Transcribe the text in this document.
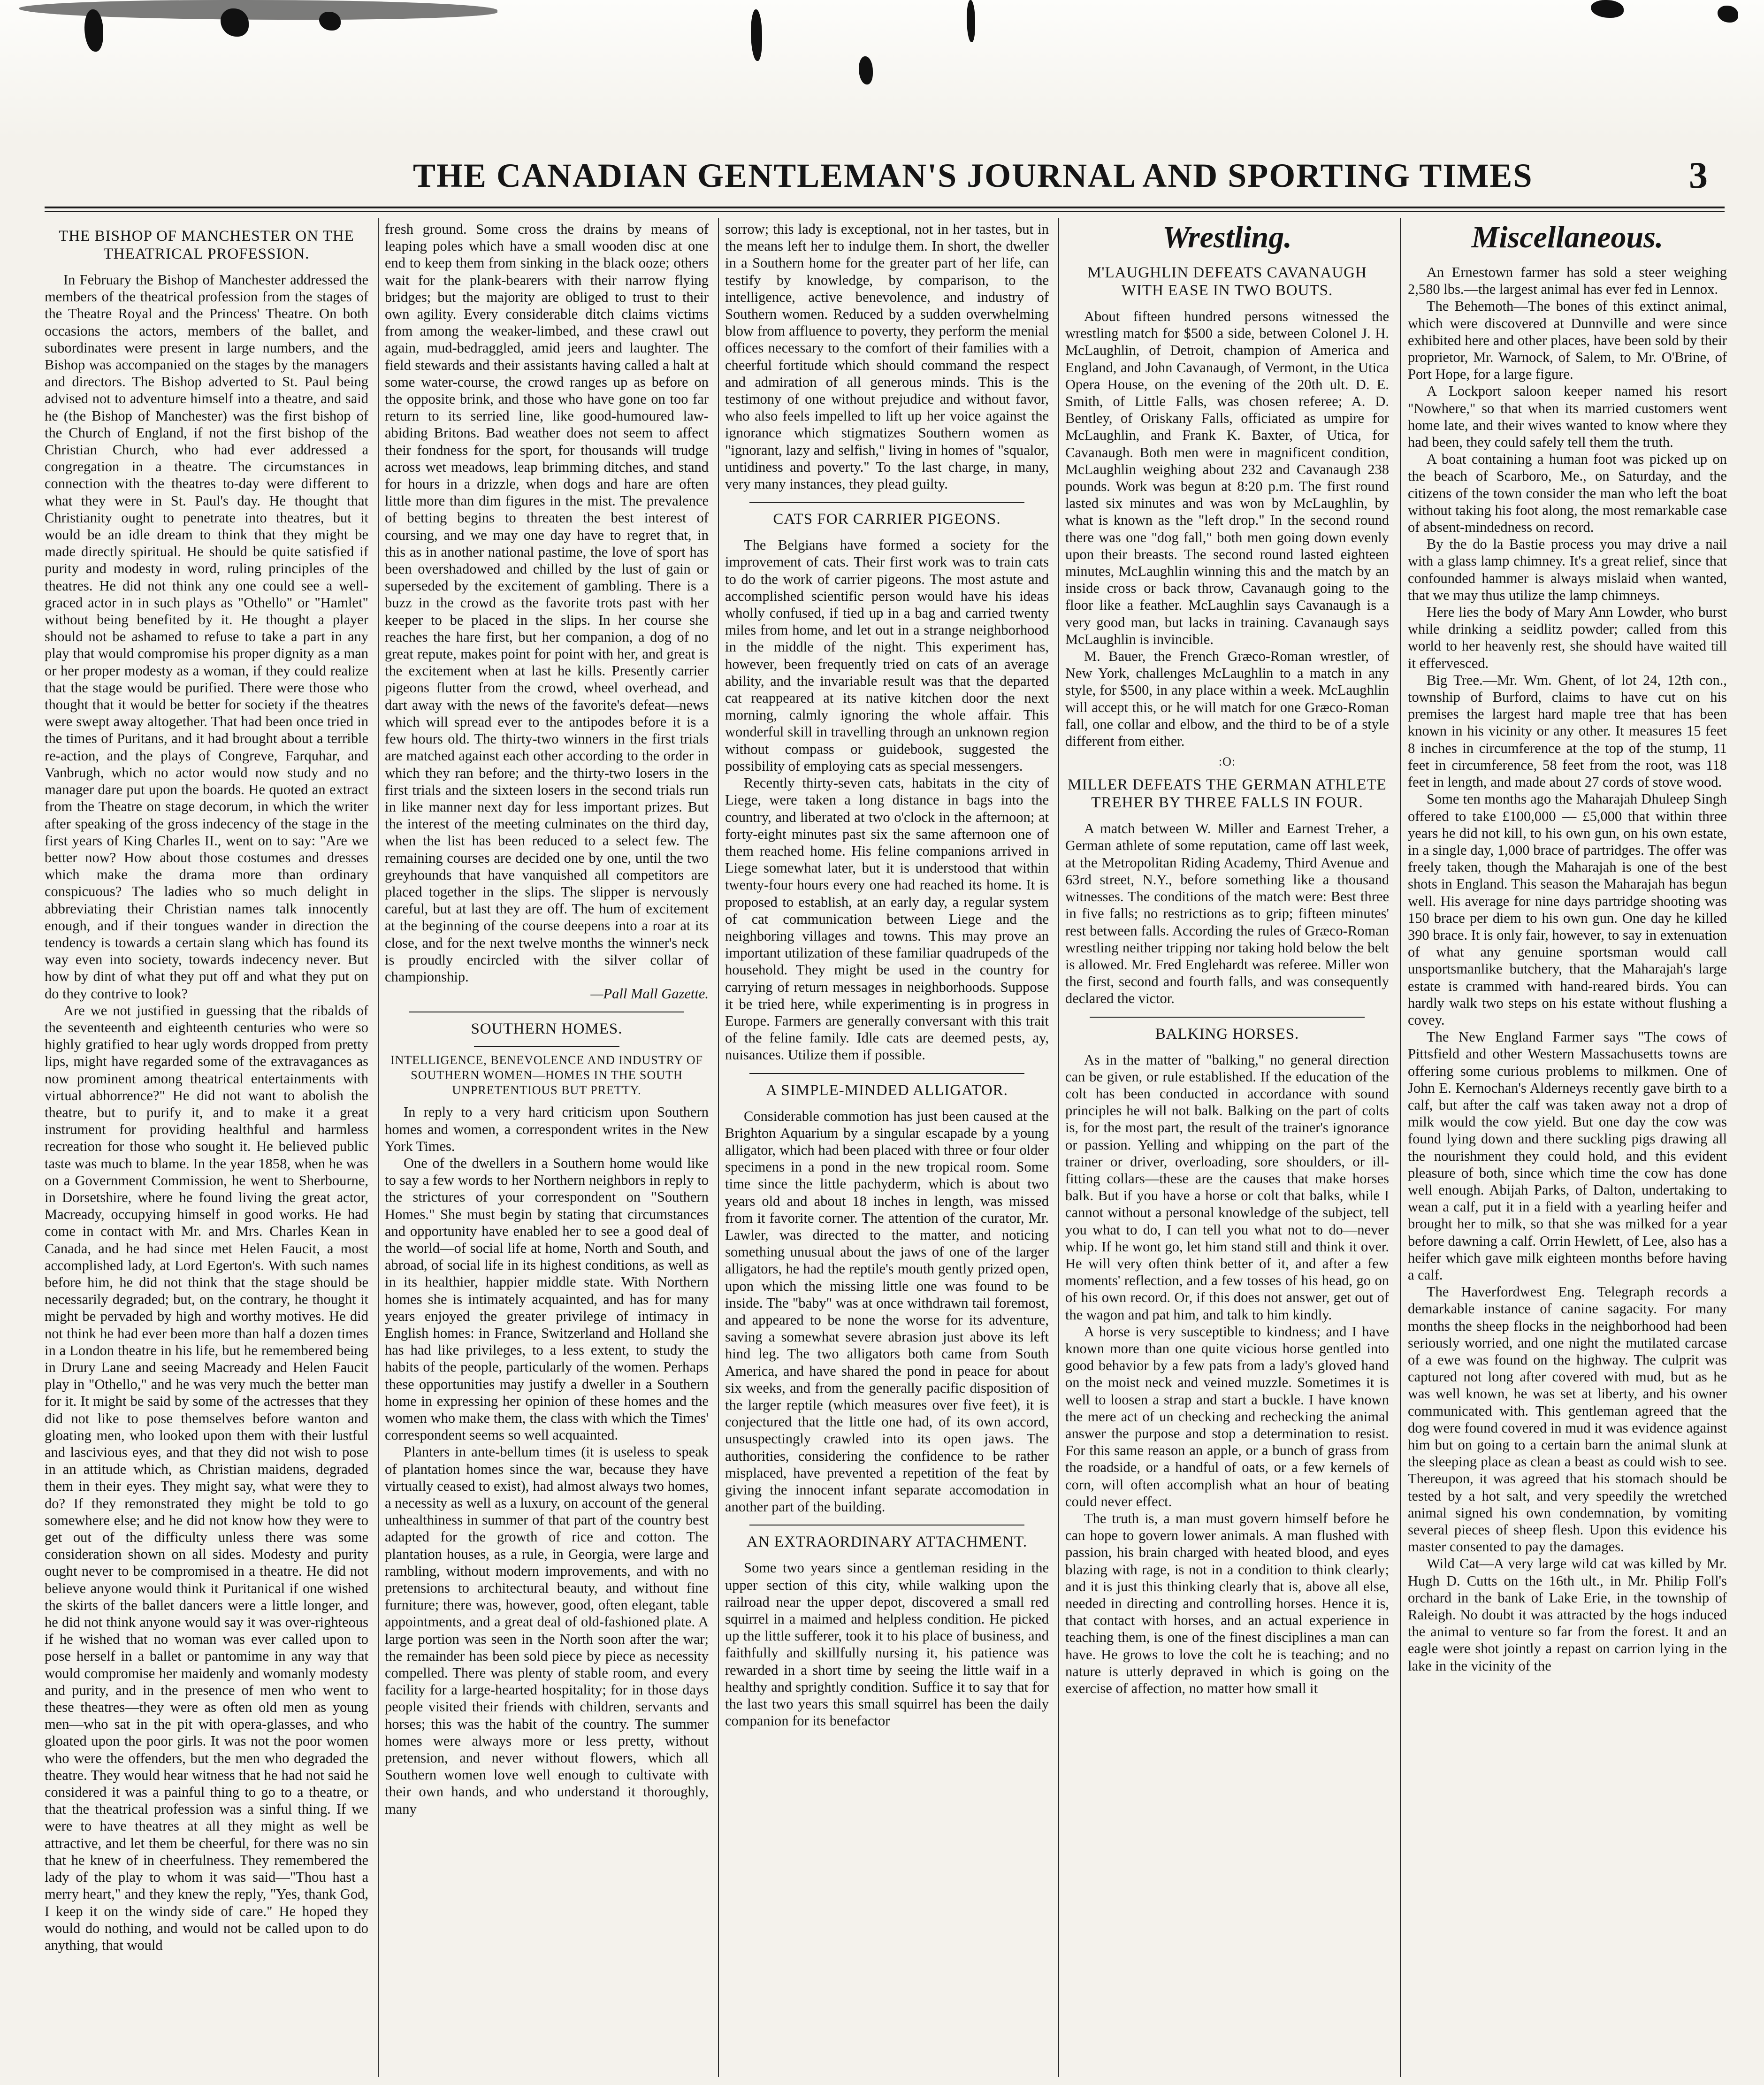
THE CANADIAN GENTLEMAN'S JOURNAL AND SPORTING TIMES	3
THE BISHOP OF MANCHESTER ON THE THEATRICAL PROFESSION.

In February the Bishop of Manchester addressed the members of the theatrical profession from the stages of the Theatre Royal and the Princess' Theatre. On both occasions the actors, members of the ballet, and subordinates were present in large numbers, and the Bishop was accompanied on the stages by the managers and directors. The Bishop adverted to St. Paul being advised not to adventure himself into a theatre, and said he (the Bishop of Manchester) was the first bishop of the Church of England, if not the first bishop of the Christian Church, who had ever addressed a congregation in a theatre. The circumstances in connection with the theatres to-day were different to what they were in St. Paul's day. He thought that Christianity ought to penetrate into theatres, but it would be an idle dream to think that they might be made directly spiritual. He should be quite satisfied if purity and modesty in word, ruling principles of the theatres. He did not think any one could see a well-graced actor in in such plays as "Othello" or "Hamlet" without being benefited by it. He thought a player should not be ashamed to refuse to take a part in any play that would compromise his proper dignity as a man or her proper modesty as a woman, if they could realize that the stage would be purified. There were those who thought that it would be better for society if the theatres were swept away altogether. That had been once tried in the times of Puritans, and it had brought about a terrible re-action, and the plays of Congreve, Farquhar, and Vanbrugh, which no actor would now study and no manager dare put upon the boards. He quoted an extract from the Theatre on stage decorum, in which the writer after speaking of the gross indecency of the stage in the first years of King Charles II., went on to say: "Are we better now? How about those costumes and dresses which make the drama more than ordinary conspicuous? The ladies who so much delight in abbreviating their Christian names talk innocently enough, and if their tongues wander in direction the tendency is towards a certain slang which has found its way even into society, towards indecency never. But how by dint of what they put off and what they put on do they contrive to look?

Are we not justified in guessing that the ribalds of the seventeenth and eighteenth centuries who were so highly gratified to hear ugly words dropped from pretty lips, might have regarded some of the extravagances as now prominent among theatrical entertainments with virtual abhorrence?" He did not want to abolish the theatre, but to purify it, and to make it a great instrument for providing healthful and harmless recreation for those who sought it. He believed public taste was much to blame. In the year 1858, when he was on a Government Commission, he went to Sherbourne, in Dorsetshire, where he found living the great actor, Macready, occupying himself in good works. He had come in contact with Mr. and Mrs. Charles Kean in Canada, and he had since met Helen Faucit, a most accomplished lady, at Lord Egerton's. With such names before him, he did not think that the stage should be necessarily degraded; but, on the contrary, he thought it might be pervaded by high and worthy motives. He did not think he had ever been more than half a dozen times in a London theatre in his life, but he remembered being in Drury Lane and seeing Macready and Helen Faucit play in "Othello," and he was very much the better man for it. It might be said by some of the actresses that they did not like to pose themselves before wanton and gloating men, who looked upon them with their lustful and lascivious eyes, and that they did not wish to pose in an attitude which, as Christian maidens, degraded them in their eyes. They might say, what were they to do? If they remonstrated they might be told to go somewhere else; and he did not know how they were to get out of the difficulty unless there was some consideration shown on all sides. Modesty and purity ought never to be compromised in a theatre. He did not believe anyone would think it Puritanical if one wished the skirts of the ballet dancers were a little longer, and he did not think anyone would say it was over-righteous if he wished that no woman was ever called upon to pose herself in a ballet or pantomime in any way that would compromise her maidenly and womanly modesty and purity, and in the presence of men who went to these theatres—they were as often old men as young men—who sat in the pit with opera-glasses, and who gloated upon the poor girls. It was not the poor women who were the offenders, but the men who degraded the theatre. They would hear witness that he had not said he considered it was a painful thing to go to a theatre, or that the theatrical profession was a sinful thing. If we were to have theatres at all they might as well be attractive, and let them be cheerful, for there was no sin that he knew of in cheerfulness. They remembered the lady of the play to whom it was said—"Thou hast a merry heart," and they knew the reply, "Yes, thank God, I keep it on the windy side of care." He hoped they would do nothing, and would not be called upon to do anything, that would

fresh ground. Some cross the drains by means of leaping poles which have a small wooden disc at one end to keep them from sinking in the black ooze; others wait for the plank-bearers with their narrow flying bridges; but the majority are obliged to trust to their own agility. Every considerable ditch claims victims from among the weaker-limbed, and these crawl out again, mud-bedraggled, amid jeers and laughter. The field stewards and their assistants having called a halt at some water-course, the crowd ranges up as before on the opposite brink, and those who have gone on too far return to its serried line, like good-humoured law-abiding Britons. Bad weather does not seem to affect their fondness for the sport, for thousands will trudge across wet meadows, leap brimming ditches, and stand for hours in a drizzle, when dogs and hare are often little more than dim figures in the mist. The prevalence of betting begins to threaten the best interest of coursing, and we may one day have to regret that, in this as in another national pastime, the love of sport has been overshadowed and chilled by the lust of gain or superseded by the excitement of gambling. There is a buzz in the crowd as the favorite trots past with her keeper to be placed in the slips. In her course she reaches the hare first, but her companion, a dog of no great repute, makes point for point with her, and great is the excitement when at last he kills. Presently carrier pigeons flutter from the crowd, wheel overhead, and dart away with the news of the favorite's defeat—news which will spread ever to the antipodes before it is a few hours old. The thirty-two winners in the first trials are matched against each other according to the order in which they ran before; and the thirty-two losers in the first trials and the sixteen losers in the second trials run in like manner next day for less important prizes. But the interest of the meeting culminates on the third day, when the list has been reduced to a select few. The remaining courses are decided one by one, until the two greyhounds that have vanquished all competitors are placed together in the slips. The slipper is nervously careful, but at last they are off. The hum of excitement at the beginning of the course deepens into a roar at its close, and for the next twelve months the winner's neck is proudly encircled with the silver collar of championship.

—Pall Mall Gazette.

SOUTHERN HOMES.
INTELLIGENCE, BENEVOLENCE AND INDUSTRY OF SOUTHERN WOMEN—HOMES IN THE SOUTH UNPRETENTIOUS BUT PRETTY.

In reply to a very hard criticism upon Southern homes and women, a correspondent writes in the New York Times.

One of the dwellers in a Southern home would like to say a few words to her Northern neighbors in reply to the strictures of your correspondent on "Southern Homes." She must begin by stating that circumstances and opportunity have enabled her to see a good deal of the world—of social life at home, North and South, and abroad, of social life in its highest conditions, as well as in its healthier, happier middle state. With Northern homes she is intimately acquainted, and has for many years enjoyed the greater privilege of intimacy in English homes: in France, Switzerland and Holland she has had like privileges, to a less extent, to study the habits of the people, particularly of the women. Perhaps these opportunities may justify a dweller in a Southern home in expressing her opinion of these homes and the women who make them, the class with which the Times' correspondent seems so well acquainted.

Planters in ante-bellum times (it is useless to speak of plantation homes since the war, because they have virtually ceased to exist), had almost always two homes, a necessity as well as a luxury, on account of the general unhealthiness in summer of that part of the country best adapted for the growth of rice and cotton. The plantation houses, as a rule, in Georgia, were large and rambling, without modern improvements, and with no pretensions to architectural beauty, and without fine furniture; there was, however, good, often elegant, table appointments, and a great deal of old-fashioned plate. A large portion was seen in the North soon after the war; the remainder has been sold piece by piece as necessity compelled. There was plenty of stable room, and every facility for a large-hearted hospitality; for in those days people visited their friends with children, servants and horses; this was the habit of the country. The summer homes were always more or less pretty, without pretension, and never without flowers, which all Southern women love well enough to cultivate with their own hands, and who understand it thoroughly, many

sorrow; this lady is exceptional, not in her tastes, but in the means left her to indulge them. In short, the dweller in a Southern home for the greater part of her life, can testify by knowledge, by comparison, to the intelligence, active benevolence, and industry of Southern women. Reduced by a sudden overwhelming blow from affluence to poverty, they perform the menial offices necessary to the comfort of their families with a cheerful fortitude which should command the respect and admiration of all generous minds. This is the testimony of one without prejudice and without favor, who also feels impelled to lift up her voice against the ignorance which stigmatizes Southern women as "ignorant, lazy and selfish," living in homes of "squalor, untidiness and poverty." To the last charge, in many, very many instances, they plead guilty.

CATS FOR CARRIER PIGEONS.

The Belgians have formed a society for the improvement of cats. Their first work was to train cats to do the work of carrier pigeons. The most astute and accomplished scientific person would have his ideas wholly confused, if tied up in a bag and carried twenty miles from home, and let out in a strange neighborhood in the middle of the night. This experiment has, however, been frequently tried on cats of an average ability, and the invariable result was that the departed cat reappeared at its native kitchen door the next morning, calmly ignoring the whole affair. This wonderful skill in travelling through an unknown region without compass or guidebook, suggested the possibility of employing cats as special messengers.

Recently thirty-seven cats, habitats in the city of Liege, were taken a long distance in bags into the country, and liberated at two o'clock in the afternoon; at forty-eight minutes past six the same afternoon one of them reached home. His feline companions arrived in Liege somewhat later, but it is understood that within twenty-four hours every one had reached its home. It is proposed to establish, at an early day, a regular system of cat communication between Liege and the neighboring villages and towns. This may prove an important utilization of these familiar quadrupeds of the household. They might be used in the country for carrying of return messages in neighborhoods. Suppose it be tried here, while experimenting is in progress in Europe. Farmers are generally conversant with this trait of the feline family. Idle cats are deemed pests, ay, nuisances. Utilize them if possible.

A SIMPLE-MINDED ALLIGATOR.

Considerable commotion has just been caused at the Brighton Aquarium by a singular escapade by a young alligator, which had been placed with three or four older specimens in a pond in the new tropical room. Some time since the little pachyderm, which is about two years old and about 18 inches in length, was missed from it favorite corner. The attention of the curator, Mr. Lawler, was directed to the matter, and noticing something unusual about the jaws of one of the larger alligators, he had the reptile's mouth gently prized open, upon which the missing little one was found to be inside. The "baby" was at once withdrawn tail foremost, and appeared to be none the worse for its adventure, saving a somewhat severe abrasion just above its left hind leg. The two alligators both came from South America, and have shared the pond in peace for about six weeks, and from the generally pacific disposition of the larger reptile (which measures over five feet), it is conjectured that the little one had, of its own accord, unsuspectingly crawled into its open jaws. The authorities, considering the confidence to be rather misplaced, have prevented a repetition of the feat by giving the innocent infant separate accomodation in another part of the building.

AN EXTRAORDINARY ATTACHMENT.

Some two years since a gentleman residing in the upper section of this city, while walking upon the railroad near the upper depot, discovered a small red squirrel in a maimed and helpless condition. He picked up the little sufferer, took it to his place of business, and faithfully and skillfully nursing it, his patience was rewarded in a short time by seeing the little waif in a healthy and sprightly condition. Suffice it to say that for the last two years this small squirrel has been the daily companion for its benefactor

Wrestling.
M'LAUGHLIN DEFEATS CAVANAUGH WITH EASE IN TWO BOUTS.

About fifteen hundred persons witnessed the wrestling match for $500 a side, between Colonel J. H. McLaughlin, of Detroit, champion of America and England, and John Cavanaugh, of Vermont, in the Utica Opera House, on the evening of the 20th ult. D. E. Smith, of Little Falls, was chosen referee; A. D. Bentley, of Oriskany Falls, officiated as umpire for McLaughlin, and Frank K. Baxter, of Utica, for Cavanaugh. Both men were in magnificent condition, McLaughlin weighing about 232 and Cavanaugh 238 pounds. Work was begun at 8:20 p.m. The first round lasted six minutes and was won by McLaughlin, by what is known as the "left drop." In the second round there was one "dog fall," both men going down evenly upon their breasts. The second round lasted eighteen minutes, McLaughlin winning this and the match by an inside cross or back throw, Cavanaugh going to the floor like a feather. McLaughlin says Cavanaugh is a very good man, but lacks in training. Cavanaugh says McLaughlin is invincible.

M. Bauer, the French Græco-Roman wrestler, of New York, challenges McLaughlin to a match in any style, for $500, in any place within a week. McLaughlin will accept this, or he will match for one Græco-Roman fall, one collar and elbow, and the third to be of a style different from either.

:O:
MILLER DEFEATS THE GERMAN ATHLETE TREHER BY THREE FALLS IN FOUR.

A match between W. Miller and Earnest Treher, a German athlete of some reputation, came off last week, at the Metropolitan Riding Academy, Third Avenue and 63rd street, N.Y., before something like a thousand witnesses. The conditions of the match were: Best three in five falls; no restrictions as to grip; fifteen minutes' rest between falls. According the rules of Græco-Roman wrestling neither tripping nor taking hold below the belt is allowed. Mr. Fred Englehardt was referee. Miller won the first, second and fourth falls, and was consequently declared the victor.

BALKING HORSES.

As in the matter of "balking," no general direction can be given, or rule established. If the education of the colt has been conducted in accordance with sound principles he will not balk. Balking on the part of colts is, for the most part, the result of the trainer's ignorance or passion. Yelling and whipping on the part of the trainer or driver, overloading, sore shoulders, or ill-fitting collars—these are the causes that make horses balk. But if you have a horse or colt that balks, while I cannot without a personal knowledge of the subject, tell you what to do, I can tell you what not to do—never whip. If he wont go, let him stand still and think it over. He will very often think better of it, and after a few moments' reflection, and a few tosses of his head, go on of his own record. Or, if this does not answer, get out of the wagon and pat him, and talk to him kindly.

A horse is very susceptible to kindness; and I have known more than one quite vicious horse gentled into good behavior by a few pats from a lady's gloved hand on the moist neck and veined muzzle. Sometimes it is well to loosen a strap and start a buckle. I have known the mere act of un checking and rechecking the animal answer the purpose and stop a determination to resist. For this same reason an apple, or a bunch of grass from the roadside, or a handful of oats, or a few kernels of corn, will often accomplish what an hour of beating could never effect.

The truth is, a man must govern himself before he can hope to govern lower animals. A man flushed with passion, his brain charged with heated blood, and eyes blazing with rage, is not in a condition to think clearly; and it is just this thinking clearly that is, above all else, needed in directing and controlling horses. Hence it is, that contact with horses, and an actual experience in teaching them, is one of the finest disciplines a man can have. He grows to love the colt he is teaching; and no nature is utterly depraved in which is going on the exercise of affection, no matter how small it

Miscellaneous.

An Ernestown farmer has sold a steer weighing 2,580 lbs.—the largest animal has ever fed in Lennox.

The Behemoth—The bones of this extinct animal, which were discovered at Dunnville and were since exhibited here and other places, have been sold by their proprietor, Mr. Warnock, of Salem, to Mr. O'Brine, of Port Hope, for a large figure.

A Lockport saloon keeper named his resort "Nowhere," so that when its married customers went home late, and their wives wanted to know where they had been, they could safely tell them the truth.

A boat containing a human foot was picked up on the beach of Scarboro, Me., on Saturday, and the citizens of the town consider the man who left the boat without taking his foot along, the most remarkable case of absent-mindedness on record.

By the do la Bastie process you may drive a nail with a glass lamp chimney. It's a great relief, since that confounded hammer is always mislaid when wanted, that we may thus utilize the lamp chimneys.

Here lies the body of Mary Ann Lowder, who burst while drinking a seidlitz powder; called from this world to her heavenly rest, she should have waited till it effervesced.

Big Tree.—Mr. Wm. Ghent, of lot 24, 12th con., township of Burford, claims to have cut on his premises the largest hard maple tree that has been known in his vicinity or any other. It measures 15 feet 8 inches in circumference at the top of the stump, 11 feet in circumference, 58 feet from the root, was 118 feet in length, and made about 27 cords of stove wood.

Some ten months ago the Maharajah Dhuleep Singh offered to take £100,000 — £5,000 that within three years he did not kill, to his own gun, on his own estate, in a single day, 1,000 brace of partridges. The offer was freely taken, though the Maharajah is one of the best shots in England. This season the Maharajah has begun well. His average for nine days partridge shooting was 150 brace per diem to his own gun. One day he killed 390 brace. It is only fair, however, to say in extenuation of what any genuine sportsman would call unsportsmanlike butchery, that the Maharajah's large estate is crammed with hand-reared birds. You can hardly walk two steps on his estate without flushing a covey.

The New England Farmer says "The cows of Pittsfield and other Western Massachusetts towns are offering some curious problems to milkmen. One of John E. Kernochan's Alderneys recently gave birth to a calf, but after the calf was taken away not a drop of milk would the cow yield. But one day the cow was found lying down and there suckling pigs drawing all the nourishment they could hold, and this evident pleasure of both, since which time the cow has done well enough. Abijah Parks, of Dalton, undertaking to wean a calf, put it in a field with a yearling heifer and brought her to milk, so that she was milked for a year before dawning a calf. Orrin Hewlett, of Lee, also has a heifer which gave milk eighteen months before having a calf.

The Haverfordwest Eng. Telegraph records a demarkable instance of canine sagacity. For many months the sheep flocks in the neighborhood had been seriously worried, and one night the mutilated carcase of a ewe was found on the highway. The culprit was captured not long after covered with mud, but as he was well known, he was set at liberty, and his owner communicated with. This gentleman agreed that the dog were found covered in mud it was evidence against him but on going to a certain barn the animal slunk at the sleeping place as clean a beast as could wish to see. Thereupon, it was agreed that his stomach should be tested by a hot salt, and very speedily the wretched animal signed his own condemnation, by vomiting several pieces of sheep flesh. Upon this evidence his master consented to pay the damages.

Wild Cat—A very large wild cat was killed by Mr. Hugh D. Cutts on the 16th ult., in Mr. Philip Foll's orchard in the bank of Lake Erie, in the township of Raleigh. No doubt it was attracted by the hogs induced the animal to venture so far from the forest. It and an eagle were shot jointly a repast on carrion lying in the lake in the vicinity of the
